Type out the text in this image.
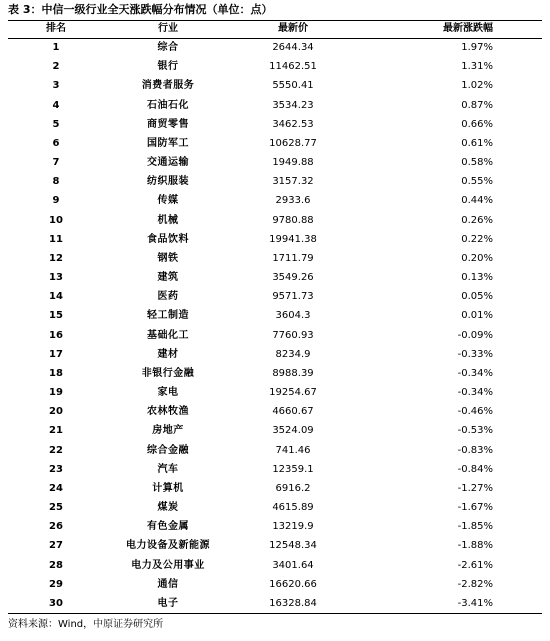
表 3：中信一级行业全天涨跌幅分布情况（单位：点）
排名	行业	最新价	最新涨跌幅
1	综合	2644.34	1.97%
2	银行	11462.51	1.31%
3	消费者服务	5550.41	1.02%
4	石油石化	3534.23	0.87%
5	商贸零售	3462.53	0.66%
6	国防军工	10628.77	0.61%
7	交通运输	1949.88	0.58%
8	纺织服装	3157.32	0.55%
9	传媒	2933.6	0.44%
10	机械	9780.88	0.26%
11	食品饮料	19941.38	0.22%
12	钢铁	1711.79	0.20%
13	建筑	3549.26	0.13%
14	医药	9571.73	0.05%
15	轻工制造	3604.3	0.01%
16	基础化工	7760.93	-0.09%
17	建材	8234.9	-0.33%
18	非银行金融	8988.39	-0.34%
19	家电	19254.67	-0.34%
20	农林牧渔	4660.67	-0.46%
21	房地产	3524.09	-0.53%
22	综合金融	741.46	-0.83%
23	汽车	12359.1	-0.84%
24	计算机	6916.2	-1.27%
25	煤炭	4615.89	-1.67%
26	有色金属	13219.9	-1.85%
27	电力设备及新能源	12548.34	-1.88%
28	电力及公用事业	3401.64	-2.61%
29	通信	16620.66	-2.82%
30	电子	16328.84	-3.41%
资料来源：Wind，中原证券研究所
